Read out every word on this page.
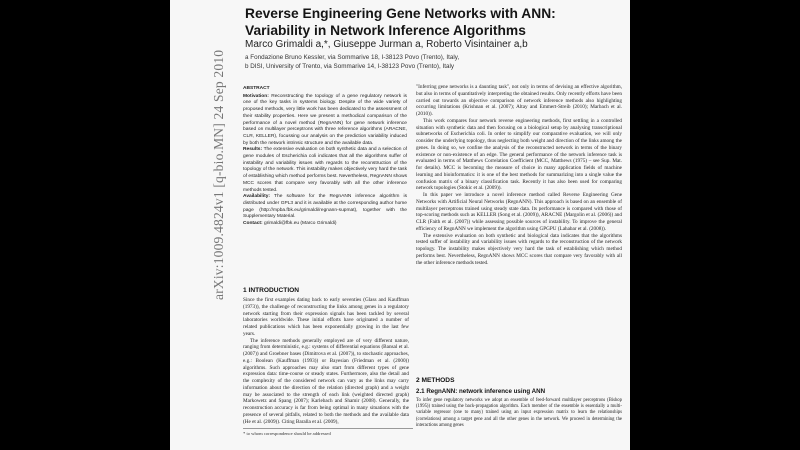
arXiv:1009.4824v1 [q-bio.MN] 24 Sep 2010
Reverse Engineering Gene Networks with ANN:
Variability in Network Inference Algorithms
Marco Grimaldi a,*, Giuseppe Jurman a, Roberto Visintainer a,b
a Fondazione Bruno Kessler, via Sommarive 18, I-38123 Povo (Trento), Italy,
b DISI, University of Trento, via Sommarive 14, I-38123 Povo (Trento), Italy
ABSTRACT

Motivation: Reconstructing the topology of a gene regulatory network is one of the key tasks in systems biology. Despite of the wide variety of proposed methods, very little work has been dedicated to the assessment of their stability properties. Here we present a methodical comparison of the performance of a novel method (RegnANN) for gene network inference based on multilayer perceptrons with three reference algorithms (ARACNE, CLR, KELLER), focussing our analysis on the prediction variability induced by both the network intrinsic structure and the available data.

Results: The extensive evaluation on both synthetic data and a selection of gene modules of Escherichia coli indicates that all the algorithms suffer of instability and variability issues with regards to the reconstruction of the topology of the network. This instability makes objectively very hard the task of establishing which method performs best. Nevertheless, RegnANN shows MCC scores that compare very favorably with all the other inference methods tested.

Availability: The software for the RegnANN inference algorithm is distributed under GPL3 and it is available at the corresponding author home page (http://mpba.fbk.eu/grimaldi/regnann-supmat), together with the Supplementary Material.

Contact: grimaldi@fbk.eu (Marco Grimaldi)

1 INTRODUCTION

Since the first examples dating back to early seventies (Glass and Kauffman (1973)), the challenge of reconstructing the links among genes in a regulatory network starting from their expression signals has been tackled by several laboratories worldwide. These initial efforts have originated a number of related publications which has been exponentially growing in the last few years.

The inference methods generally employed are of very different nature, ranging from deterministic, e.g.: systems of differential equations (Bansal et al. (2007)) and Groebner bases (Dimitrova et al. (2007)), to stochastic approaches, e.g.: Boolean (Kauffman (1993)) or Bayesian (Friedman et al. (2000)) algorithms. Such approaches may also start from different types of gene expression data: time-course or steady states. Furthermore, also the detail and the complexity of the considered network can vary as the links may carry information about the direction of the relation (directed graph) and a weight may be associated to the strength of each link (weighted directed graph) Markowetz and Spang (2007); Karlebach and Shamir (2008). Generally, the reconstruction accuracy is far from being optimal in many situations with the presence of several pitfalls, related to both the methods and the available data (He et al. (2009)). Citing Baralla et al. (2009),

* to whom correspondence should be addressed

"Inferring gene networks is a daunting task", not only in terms of devising an effective algorithm, but also in terms of quantitatively interpreting the obtained results. Only recently efforts have been carried out towards an objective comparison of network inference methods also highlighting occurring limitations (Krishnan et al. (2007); Altay and Emmert-Streib (2010); Marbach et al. (2010)).

This work compares four network reverse engineering methods, first settling in a controlled situation with synthetic data and then focusing on a biological setup by analysing transcriptional subnetworks of Escherichia coli. In order to simplify our comparative evaluation, we will only consider the underlying topology, thus neglecting both weight and direction of the links among the genes. In doing so, we confine the analysis of the reconstructed network in terms of the binary existence or non-existence of an edge. The general performance of the network inference task is evaluated in terms of Matthews Correlation Coefficient (MCC, Matthews (1975) – see Sup. Mat. for details). MCC is becoming the measure of choice in many application fields of machine learning and bioinformatics: it is one of the best methods for summarizing into a single value the confusion matrix of a binary classification task. Recently it has also been used for comparing network topologies (Stokic et al. (2009)).

In this paper we introduce a novel inference method called Reverse Engineering Gene Networks with Artificial Neural Networks (RegnANN). This approach is based on an ensemble of multilayer perceptrons trained using steady state data. Its performance is compared with those of top-scoring methods such as KELLER (Song et al. (2009)), ARACNE (Margolin et al. (2006)) and CLR (Faith et al. (2007)) while assessing possible sources of instability. To improve the general efficiency of RegnANN we implement the algorithm using GPGPU (Lahabar et al. (2008)).

The extensive evaluation on both synthetic and biological data indicates that the algorithms tested suffer of instability and variability issues with regards to the reconstruction of the network topology. The instability makes objectively very hard the task of establishing which method performs best. Nevertheless, RegnANN shows MCC scores that compare very favorably with all the other inference methods tested.

2 METHODS
2.1 RegnANN: network inference using ANN

To infer gene regulatory networks we adopt an ensemble of feed-forward multilayer perceptrons (Bishop (1995)) trained using the back-propagation algorithm. Each member of the ensemble is essentially a multi-variable regressor (one to many) trained using an input expression matrix to learn the relationships (correlations) among a target gene and all the other genes in the network. We proceed in determining the interactions among genes
